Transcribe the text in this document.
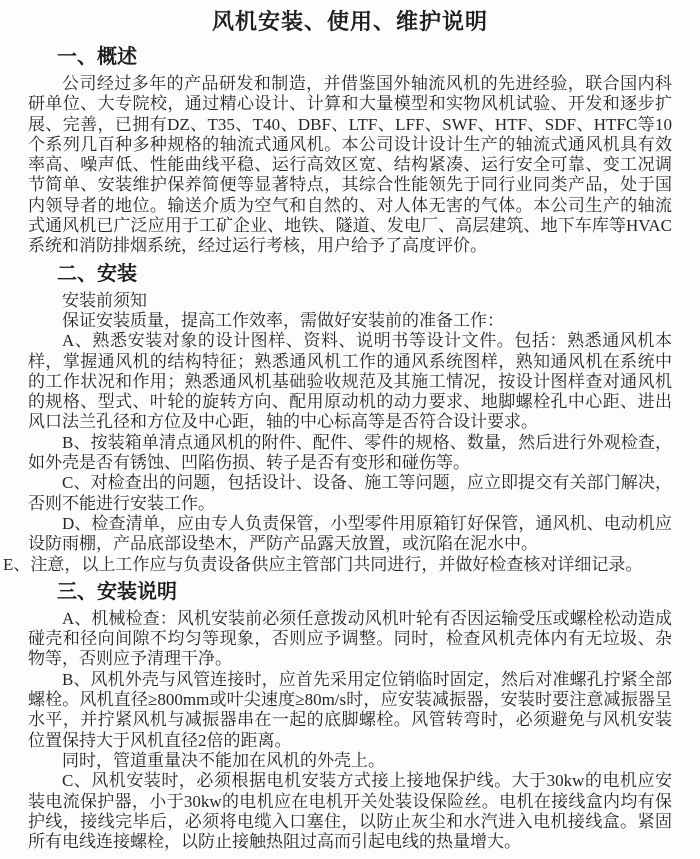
风机安装、使用、维护说明
一、概述

公司经过多年的产品研发和制造，并借鉴国外轴流风机的先进经验，联合国内科研单位、大专院校，通过精心设计、计算和大量模型和实物风机试验、开发和逐步扩展、完善，已拥有DZ、T35、T40、DBF、LTF、LFF、SWF、HTF、SDF、HTFC等10个系列几百种多种规格的轴流式通风机。本公司设计设计生产的轴流式通风机具有效率高、噪声低、性能曲线平稳、运行高效区宽、结构紧凑、运行安全可靠、变工况调节简单、安装维护保养简便等显著特点，其综合性能领先于同行业同类产品，处于国内领导者的地位。输送介质为空气和自然的、对人体无害的气体。本公司生产的轴流式通风机已广泛应用于工矿企业、地铁、隧道、发电厂、高层建筑、地下车库等HVAC系统和消防排烟系统，经过运行考核，用户给予了高度评价。

二、安装

安装前须知

保证安装质量，提高工作效率，需做好安装前的准备工作：

A、熟悉安装对象的设计图样、资料、说明书等设计文件。包括：熟悉通风机本样，掌握通风机的结构特征；熟悉通风机工作的通风系统图样，熟知通风机在系统中的工作状况和作用；熟悉通风机基础验收规范及其施工情况，按设计图样查对通风机的规格、型式、叶轮的旋转方向、配用原动机的动力要求、地脚螺栓孔中心距、进出风口法兰孔径和方位及中心距，轴的中心标高等是否符合设计要求。

B、按装箱单清点通风机的附件、配件、零件的规格、数量，然后进行外观检查，如外壳是否有锈蚀、凹陷伤损、转子是否有变形和碰伤等。

C、对检查出的问题，包括设计、设备、施工等问题，应立即提交有关部门解决，否则不能进行安装工作。

D、检查清单，应由专人负责保管，小型零件用原箱钉好保管，通风机、电动机应设防雨棚，产品底部设垫木，严防产品露天放置，或沉陷在泥水中。

E、注意，以上工作应与负责设备供应主管部门共同进行，并做好检查核对详细记录。

三、安装说明

A、机械检查：风机安装前必须任意拨动风机叶轮有否因运输受压或螺栓松动造成碰壳和径向间隙不均匀等现象，否则应予调整。同时，检查风机壳体内有无垃圾、杂物等，否则应予清理干净。

B、风机外壳与风管连接时，应首先采用定位销临时固定，然后对准螺孔拧紧全部螺栓。风机直径≥800mm或叶尖速度≥80m/s时，应安装减振器，安装时要注意减振器呈水平，并拧紧风机与减振器串在一起的底脚螺栓。风管转弯时，必须避免与风机安装位置保持大于风机直径2倍的距离。

同时，管道重量决不能加在风机的外壳上。

C、风机安装时，必须根据电机安装方式接上接地保护线。大于30kw的电机应安装电流保护器，小于30kw的电机应在电机开关处装设保险丝。电机在接线盒内均有保护线，接线完毕后，必须将电缆入口塞住，以防止灰尘和水汽进入电机接线盒。紧固所有电线连接螺栓，以防止接触热阻过高而引起电线的热量增大。
